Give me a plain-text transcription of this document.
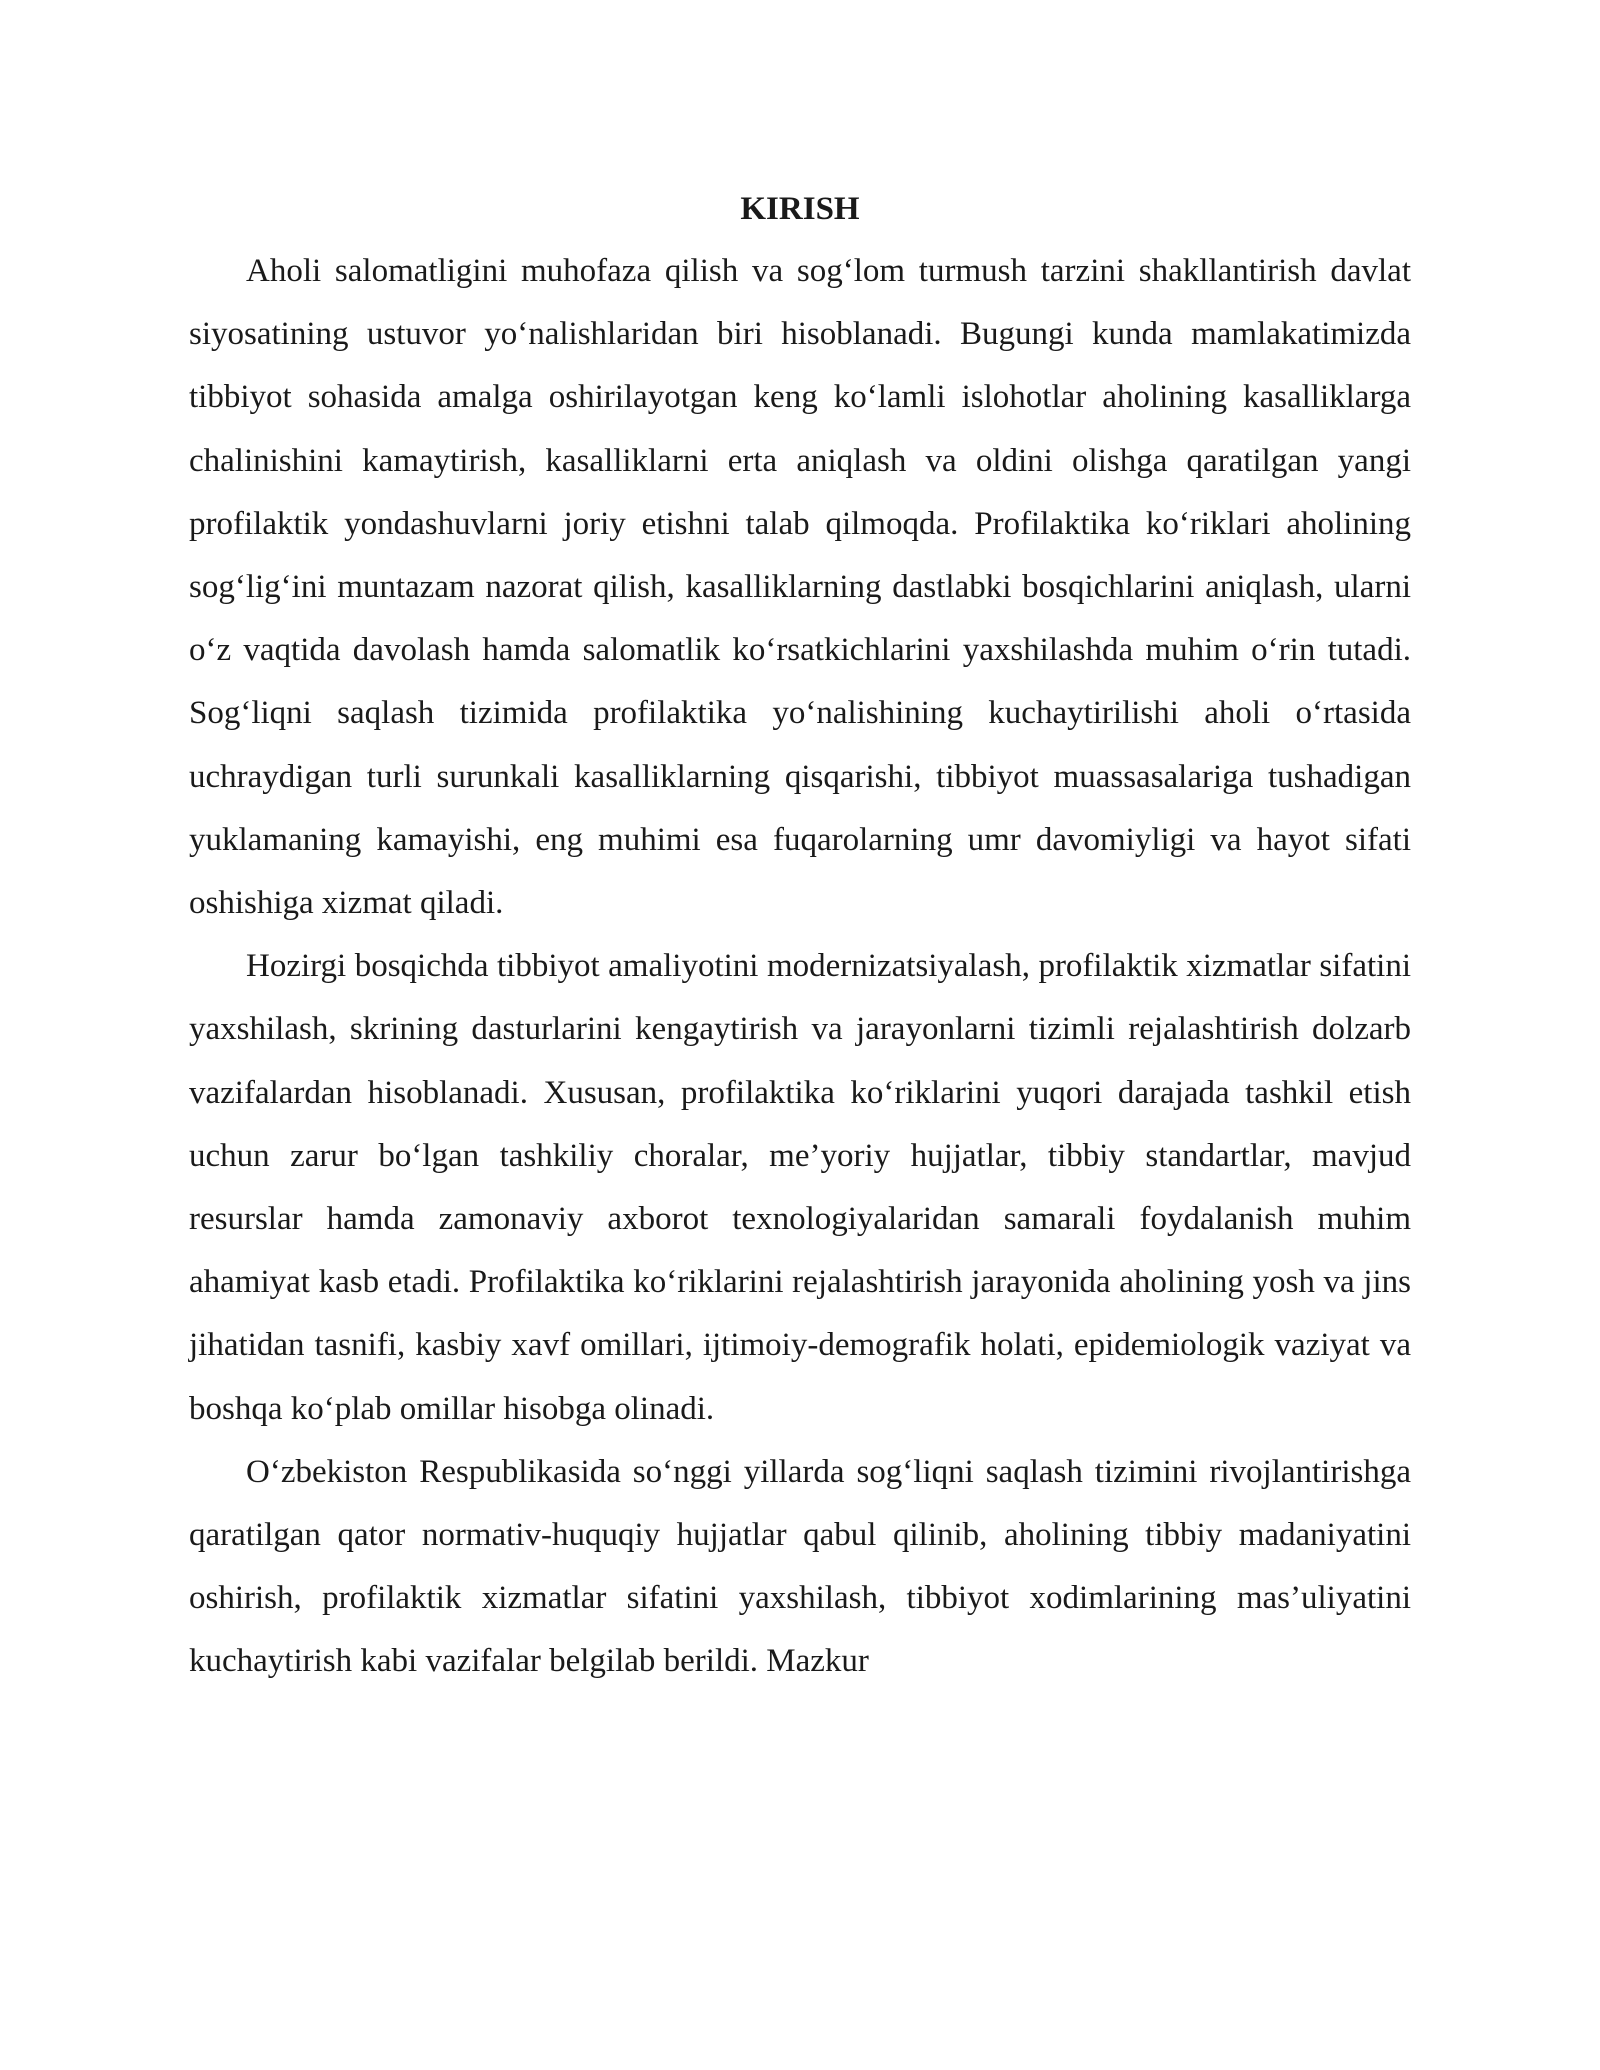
KIRISH

Aholi salomatligini muhofaza qilish va sog‘lom turmush tarzini shakllantirish davlat siyosatining ustuvor yo‘nalishlaridan biri hisoblanadi. Bugungi kunda mamlakatimizda tibbiyot sohasida amalga oshirilayotgan keng ko‘lamli islohotlar aholining kasalliklarga chalinishini kamaytirish, kasalliklarni erta aniqlash va oldini olishga qaratilgan yangi profilaktik yondashuvlarni joriy etishni talab qilmoqda. Profilaktika ko‘riklari aholining sog‘lig‘ini muntazam nazorat qilish, kasalliklarning dastlabki bosqichlarini aniqlash, ularni o‘z vaqtida davolash hamda salomatlik ko‘rsatkichlarini yaxshilashda muhim o‘rin tutadi. Sog‘liqni saqlash tizimida profilaktika yo‘nalishining kuchaytirilishi aholi o‘rtasida uchraydigan turli surunkali kasalliklarning qisqarishi, tibbiyot muassasalariga tushadigan yuklamaning kamayishi, eng muhimi esa fuqarolarning umr davomiyligi va hayot sifati oshishiga xizmat qiladi.

Hozirgi bosqichda tibbiyot amaliyotini modernizatsiyalash, profilaktik xizmatlar sifatini yaxshilash, skrining dasturlarini kengaytirish va jarayonlarni tizimli rejalashtirish dolzarb vazifalardan hisoblanadi. Xususan, profilaktika ko‘riklarini yuqori darajada tashkil etish uchun zarur bo‘lgan tashkiliy choralar, me’yoriy hujjatlar, tibbiy standartlar, mavjud resurslar hamda zamonaviy axborot texnologiyalaridan samarali foydalanish muhim ahamiyat kasb etadi. Profilaktika ko‘riklarini rejalashtirish jarayonida aholining yosh va jins jihatidan tasnifi, kasbiy xavf omillari, ijtimoiy-demografik holati, epidemiologik vaziyat va boshqa ko‘plab omillar hisobga olinadi.

O‘zbekiston Respublikasida so‘nggi yillarda sog‘liqni saqlash tizimini rivojlantirishga qaratilgan qator normativ-huquqiy hujjatlar qabul qilinib, aholining tibbiy madaniyatini oshirish, profilaktik xizmatlar sifatini yaxshilash, tibbiyot xodimlarining mas’uliyatini kuchaytirish kabi vazifalar belgilab berildi. Mazkur
